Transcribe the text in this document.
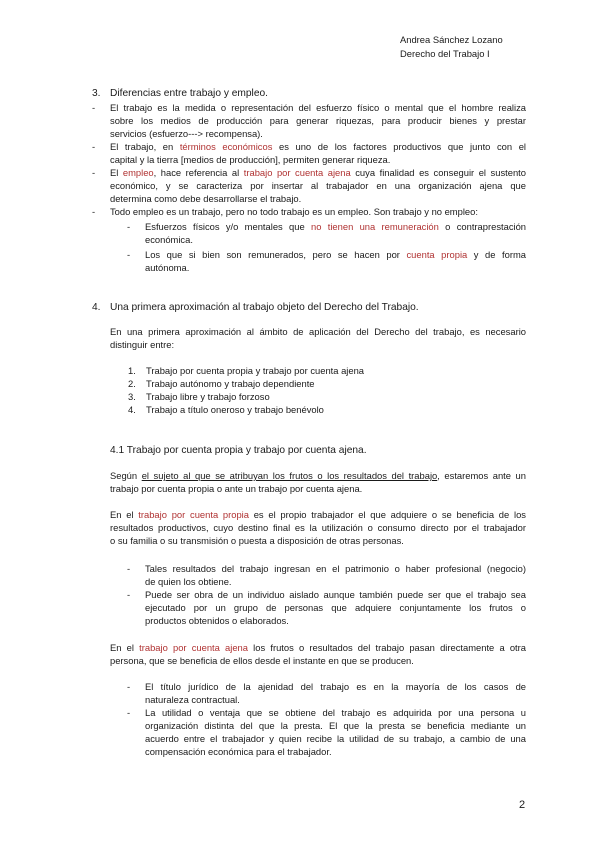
Andrea Sánchez Lozano
Derecho del Trabajo I
3. Diferencias entre trabajo y empleo.
- El trabajo es la medida o representación del esfuerzo físico o mental que el hombre realiza
sobre los medios de producción para generar riquezas, para producir bienes y prestar
servicios (esfuerzo---> recompensa).
- El trabajo, en términos económicos es uno de los factores productivos que junto con el
capital y la tierra [medios de producción], permiten generar riqueza.
- El empleo, hace referencia al trabajo por cuenta ajena cuya finalidad es conseguir el sustento
económico, y se caracteriza por insertar al trabajador en una organización ajena que
determina como debe desarrollarse el trabajo.
- Todo empleo es un trabajo, pero no todo trabajo es un empleo. Son trabajo y no empleo:
- Esfuerzos físicos y/o mentales que no tienen una remuneración o contraprestación
económica.
- Los que si bien son remunerados, pero se hacen por cuenta propia y de forma
autónoma.
4. Una primera aproximación al trabajo objeto del Derecho del Trabajo.
En una primera aproximación al ámbito de aplicación del Derecho del trabajo, es necesario
distinguir entre:
1. Trabajo por cuenta propia y trabajo por cuenta ajena
2. Trabajo autónomo y trabajo dependiente
3. Trabajo libre y trabajo forzoso
4. Trabajo a título oneroso y trabajo benévolo
4.1 Trabajo por cuenta propia y trabajo por cuenta ajena.
Según el sujeto al que se atribuyan los frutos o los resultados del trabajo, estaremos ante un
trabajo por cuenta propia o ante un trabajo por cuenta ajena.
En el trabajo por cuenta propia es el propio trabajador el que adquiere o se beneficia de los
resultados productivos, cuyo destino final es la utilización o consumo directo por el trabajador
o su familia o su transmisión o puesta a disposición de otras personas.
- Tales resultados del trabajo ingresan en el patrimonio o haber profesional (negocio)
de quien los obtiene.
- Puede ser obra de un individuo aislado aunque también puede ser que el trabajo sea
ejecutado por un grupo de personas que adquiere conjuntamente los frutos o
productos obtenidos o elaborados.
En el trabajo por cuenta ajena los frutos o resultados del trabajo pasan directamente a otra
persona, que se beneficia de ellos desde el instante en que se producen.
- El título jurídico de la ajenidad del trabajo es en la mayoría de los casos de
naturaleza contractual.
- La utilidad o ventaja que se obtiene del trabajo es adquirida por una persona u
organización distinta del que la presta. El que la presta se beneficia mediante un
acuerdo entre el trabajador y quien recibe la utilidad de su trabajo, a cambio de una
compensación económica para el trabajador.
2
